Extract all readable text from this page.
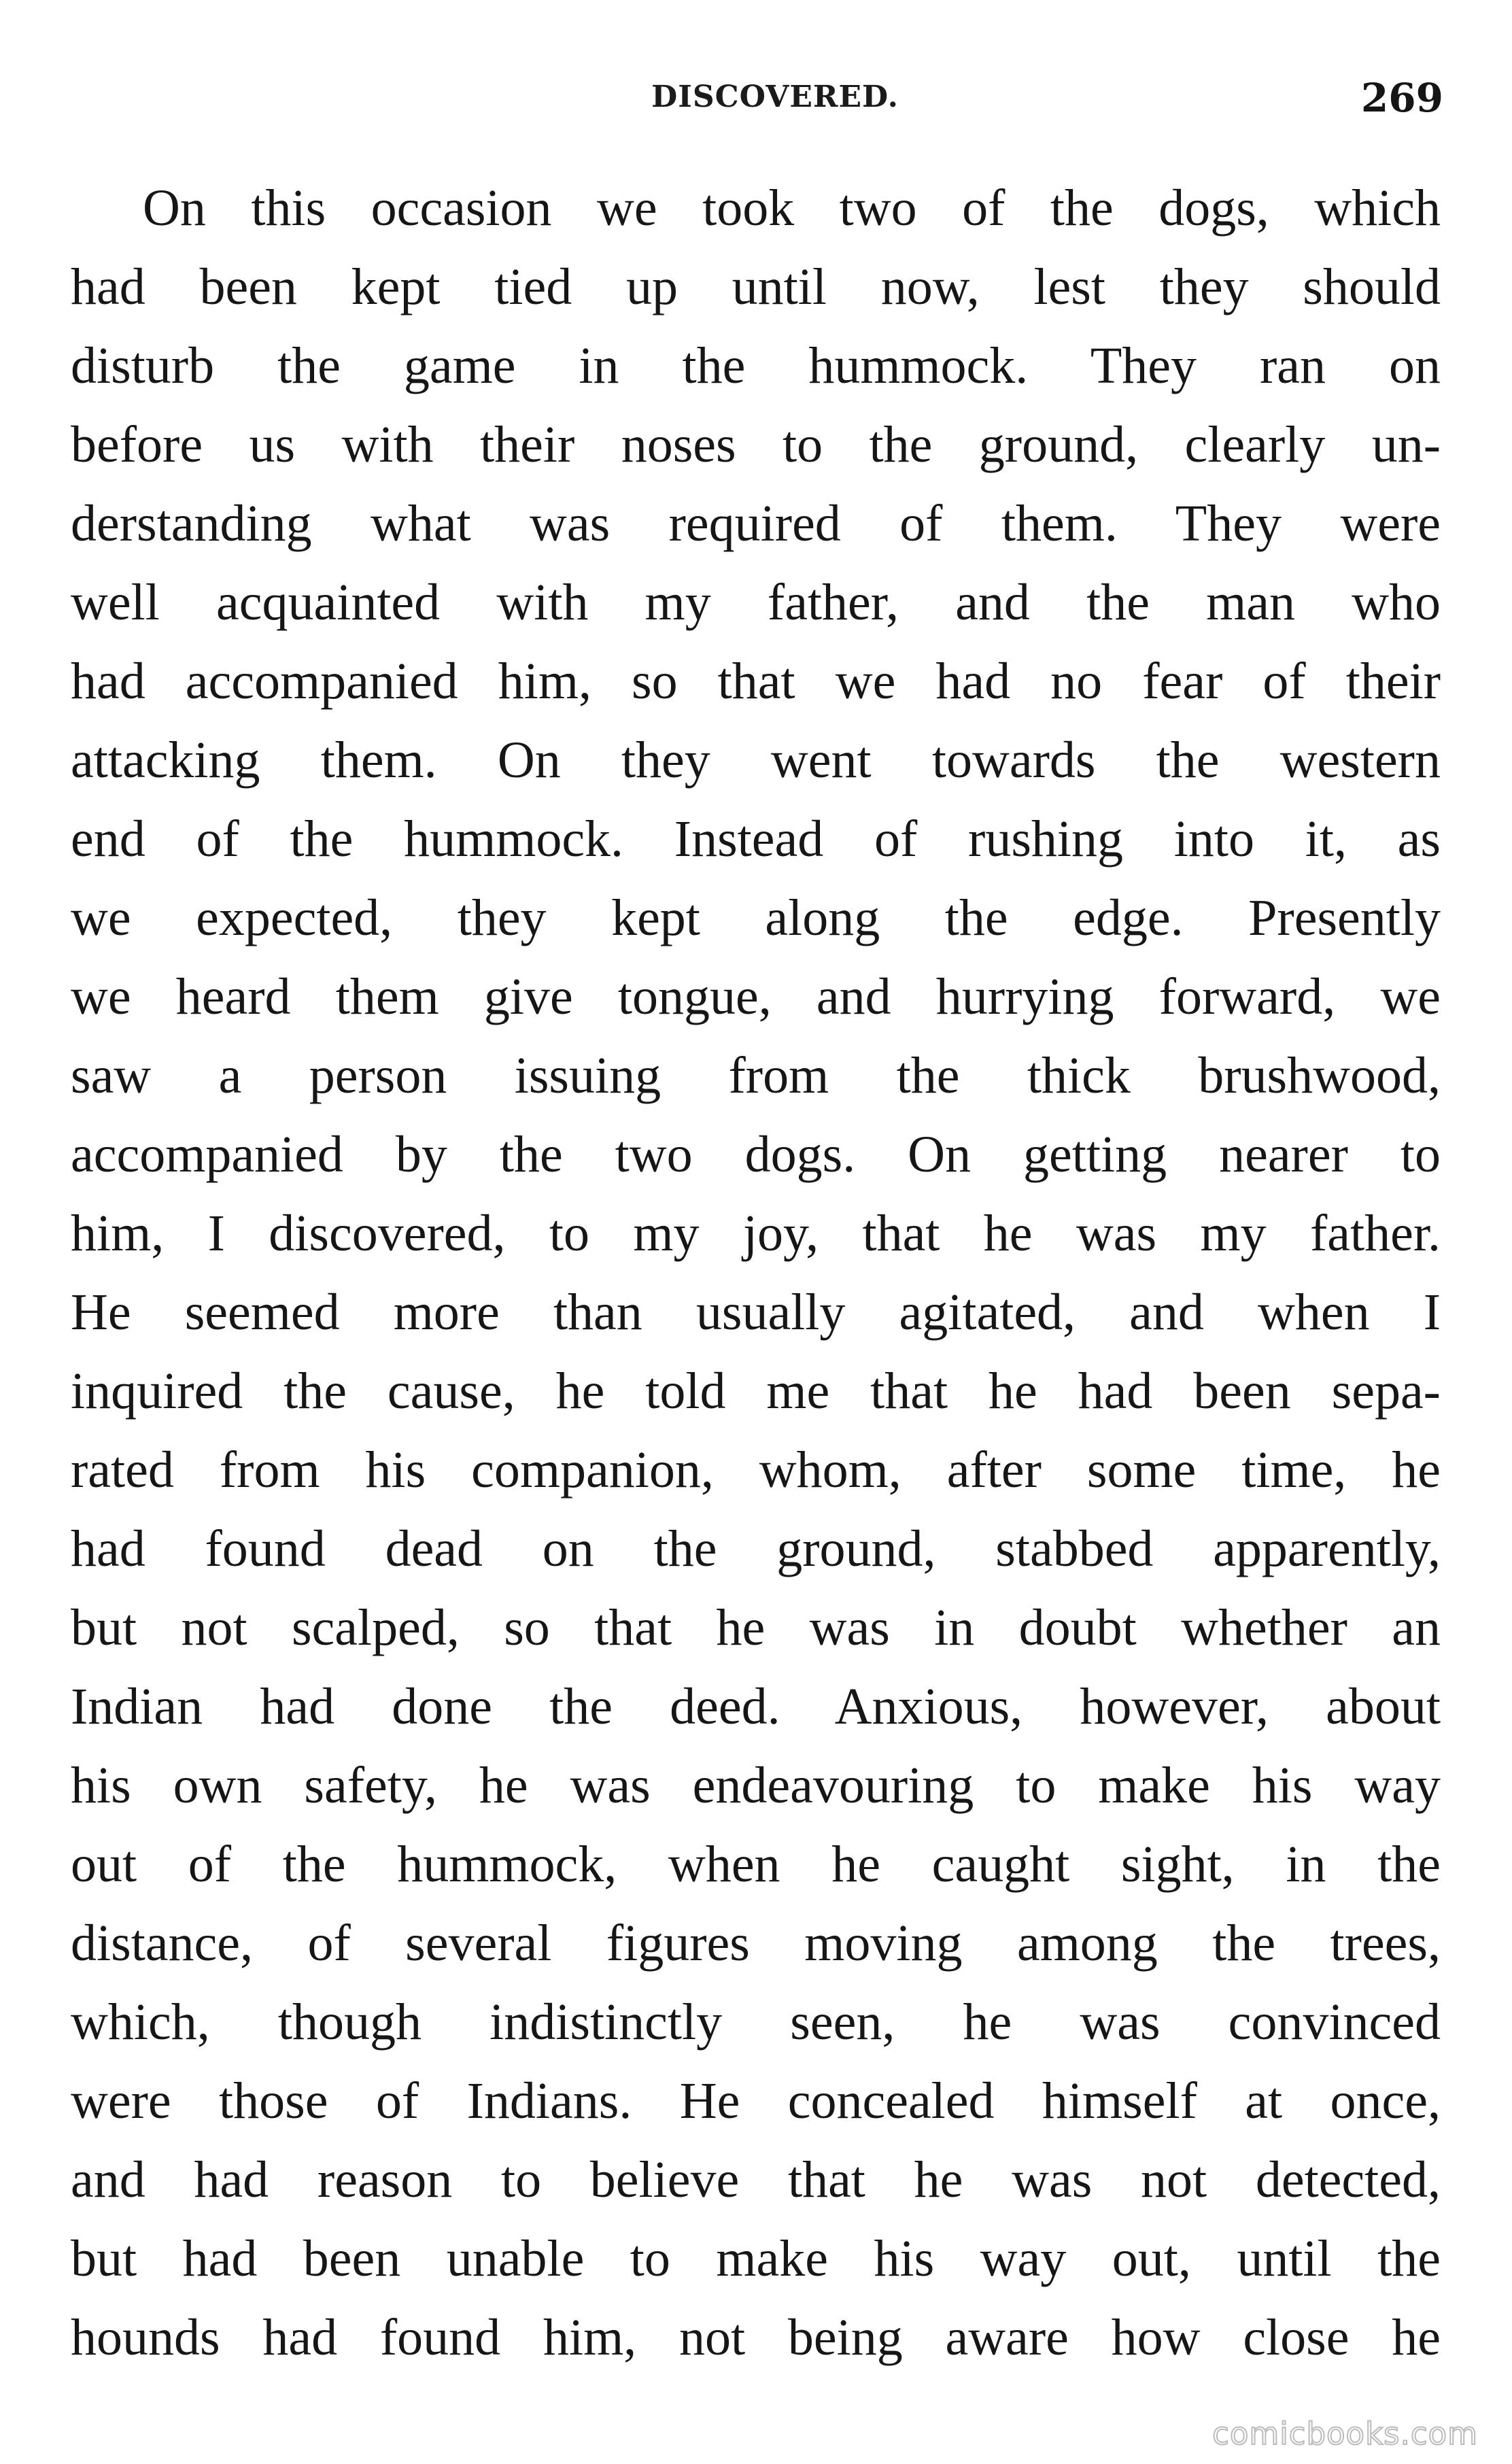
DISCOVERED.	269
On this occasion we took two of the dogs, which
had been kept tied up until now, lest they should
disturb the game in the hummock. They ran on
before us with their noses to the ground, clearly un-
derstanding what was required of them. They were
well acquainted with my father, and the man who
had accompanied him, so that we had no fear of their
attacking them. On they went towards the western
end of the hummock. Instead of rushing into it, as
we expected, they kept along the edge. Presently
we heard them give tongue, and hurrying forward, we
saw a person issuing from the thick brushwood,
accompanied by the two dogs. On getting nearer to
him, I discovered, to my joy, that he was my father.
He seemed more than usually agitated, and when I
inquired the cause, he told me that he had been sepa-
rated from his companion, whom, after some time, he
had found dead on the ground, stabbed apparently,
but not scalped, so that he was in doubt whether an
Indian had done the deed. Anxious, however, about
his own safety, he was endeavouring to make his way
out of the hummock, when he caught sight, in the
distance, of several figures moving among the trees,
which, though indistinctly seen, he was convinced
were those of Indians. He concealed himself at once,
and had reason to believe that he was not detected,
but had been unable to make his way out, until the
hounds had found him, not being aware how close he
comicbooks.com
